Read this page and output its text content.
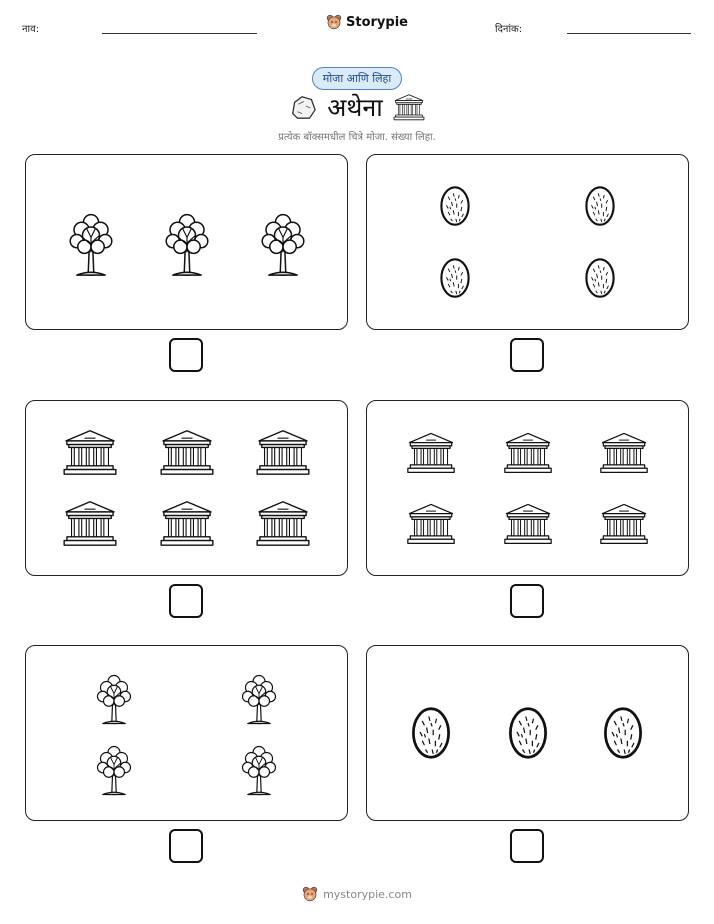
नाव:	Storypie	दिनांक:
मोजा आणि लिहा
अथेना
प्रत्येक बॉक्समधील चित्रे मोजा. संख्या लिहा.
mystorypie.com
